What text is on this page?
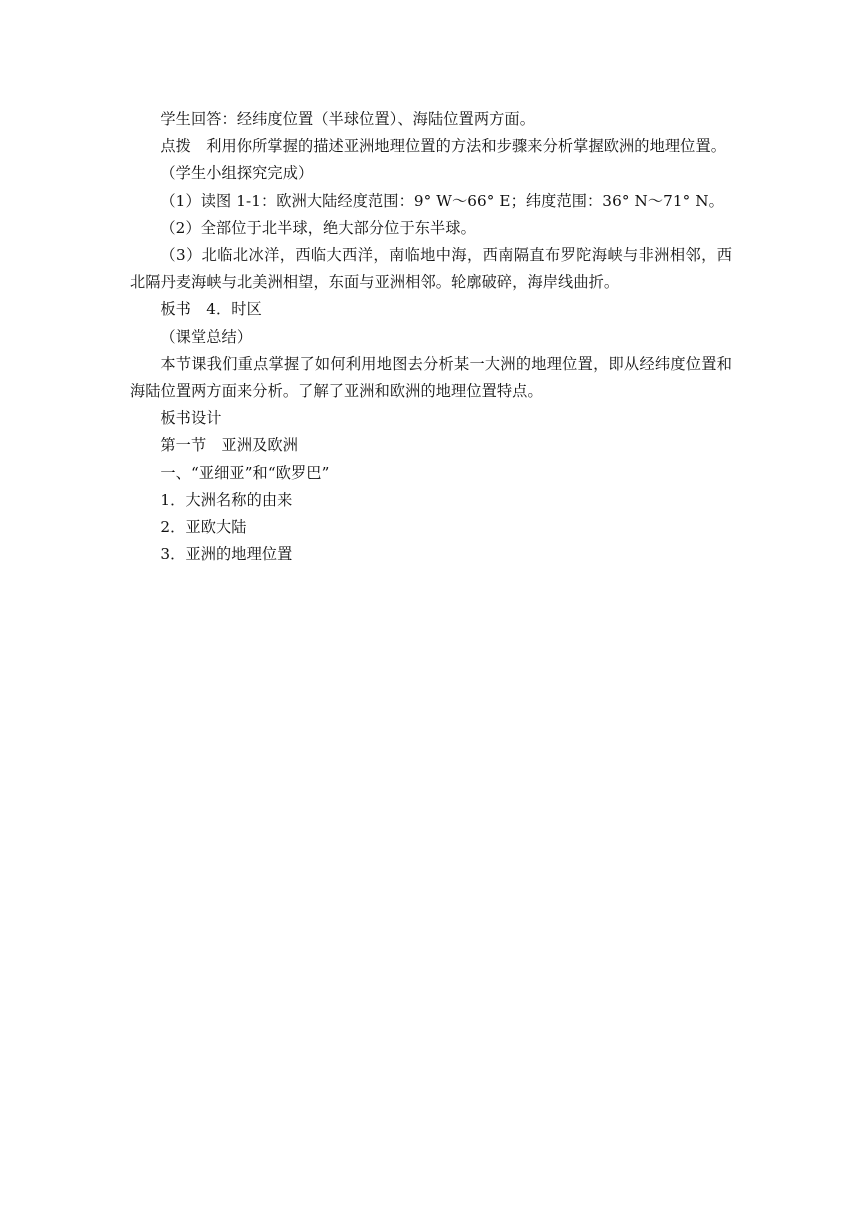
学生回答：经纬度位置（半球位置）、海陆位置两方面。

点拨　利用你所掌握的描述亚洲地理位置的方法和步骤来分析掌握欧洲的地理位置。

（学生小组探究完成）

（1）读图 1-1：欧洲大陆经度范围：9° W～66° E；纬度范围：36° N～71° N。

（2）全部位于北半球，绝大部分位于东半球。

（3）北临北冰洋，西临大西洋，南临地中海，西南隔直布罗陀海峡与非洲相邻，西北隔丹麦海峡与北美洲相望，东面与亚洲相邻。轮廓破碎，海岸线曲折。

板书　4．时区

（课堂总结）

本节课我们重点掌握了如何利用地图去分析某一大洲的地理位置，即从经纬度位置和海陆位置两方面来分析。了解了亚洲和欧洲的地理位置特点。

板书设计

第一节　亚洲及欧洲

一、“亚细亚”和“欧罗巴”

1．大洲名称的由来

2．亚欧大陆

3．亚洲的地理位置
